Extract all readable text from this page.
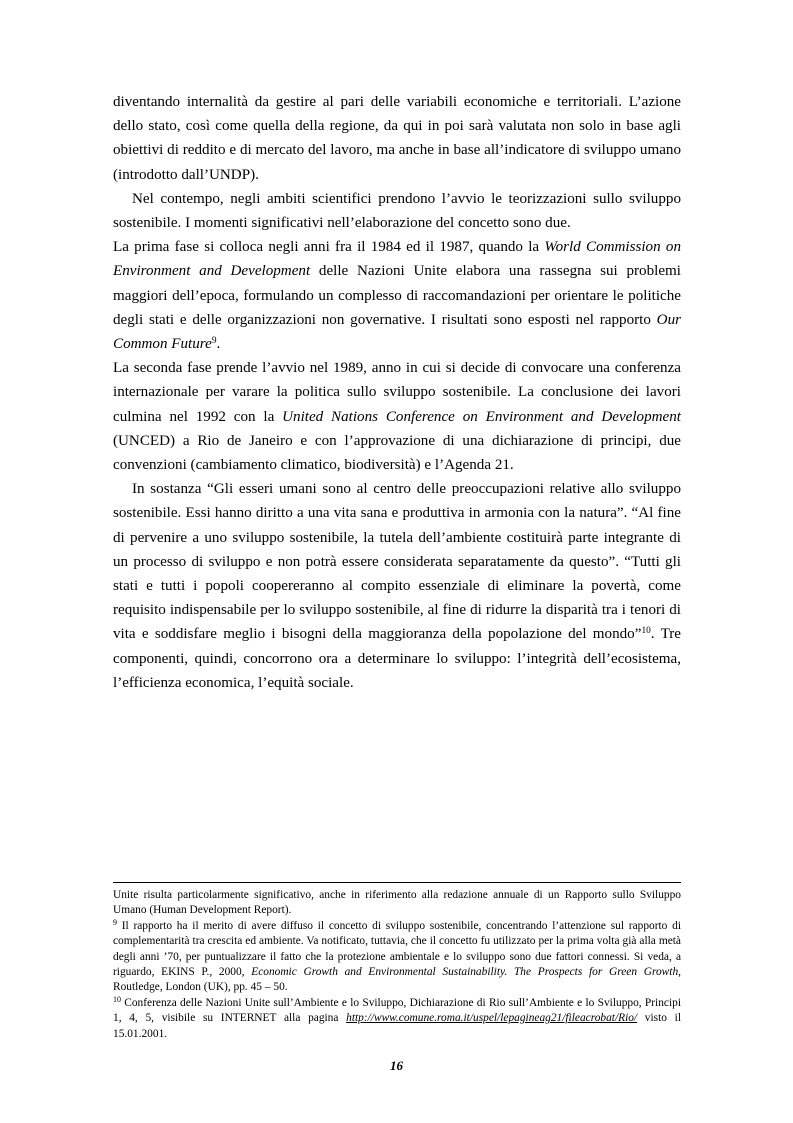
diventando internalità da gestire al pari delle variabili economiche e territoriali. L’azione dello stato, così come quella della regione, da qui in poi sarà valutata non solo in base agli obiettivi di reddito e di mercato del lavoro, ma anche in base all’indicatore di sviluppo umano (introdotto dall’UNDP).

Nel contempo, negli ambiti scientifici prendono l’avvio le teorizzazioni sullo sviluppo sostenibile. I momenti significativi nell’elaborazione del concetto sono due.

La prima fase si colloca negli anni fra il 1984 ed il 1987, quando la World Commission on Environment and Development delle Nazioni Unite elabora una rassegna sui problemi maggiori dell’epoca, formulando un complesso di raccomandazioni per orientare le politiche degli stati e delle organizzazioni non governative. I risultati sono esposti nel rapporto Our Common Future$^9$.

La seconda fase prende l’avvio nel 1989, anno in cui si decide di convocare una conferenza internazionale per varare la politica sullo sviluppo sostenibile. La conclusione dei lavori culmina nel 1992 con la United Nations Conference on Environment and Development (UNCED) a Rio de Janeiro e con l’approvazione di una dichiarazione di principi, due convenzioni (cambiamento climatico, biodiversità) e l’Agenda 21.

In sostanza “Gli esseri umani sono al centro delle preoccupazioni relative allo sviluppo sostenibile. Essi hanno diritto a una vita sana e produttiva in armonia con la natura”. “Al fine di pervenire a uno sviluppo sostenibile, la tutela dell’ambiente costituirà parte integrante di un processo di sviluppo e non potrà essere considerata separatamente da questo”. “Tutti gli stati e tutti i popoli coopereranno al compito essenziale di eliminare la povertà, come requisito indispensabile per lo sviluppo sostenibile, al fine di ridurre la disparità tra i tenori di vita e soddisfare meglio i bisogni della maggioranza della popolazione del mondo”$^{10}$. Tre componenti, quindi, concorrono ora a determinare lo sviluppo: l’integrità dell’ecosistema, l’efficienza economica, l’equità sociale.

Unite risulta particolarmente significativo, anche in riferimento alla redazione annuale di un Rapporto sullo Sviluppo Umano (Human Development Report).

$^9$ Il rapporto ha il merito di avere diffuso il concetto di sviluppo sostenibile, concentrando l’attenzione sul rapporto di complementarità tra crescita ed ambiente. Va notificato, tuttavia, che il concetto fu utilizzato per la prima volta già alla metà degli anni ’70, per puntualizzare il fatto che la protezione ambientale e lo sviluppo sono due fattori connessi. Si veda, a riguardo, EKINS P., 2000, Economic Growth and Environmental Sustainability. The Prospects for Green Growth, Routledge, London (UK), pp. 45 – 50.

$^{10}$ Conferenza delle Nazioni Unite sull’Ambiente e lo Sviluppo, Dichiarazione di Rio sull’Ambiente e lo Sviluppo, Principi 1, 4, 5, visibile su INTERNET alla pagina http://www.comune.roma.it/uspel/lepagineag21/fileacrobat/Rio/ visto il 15.01.2001.

16
